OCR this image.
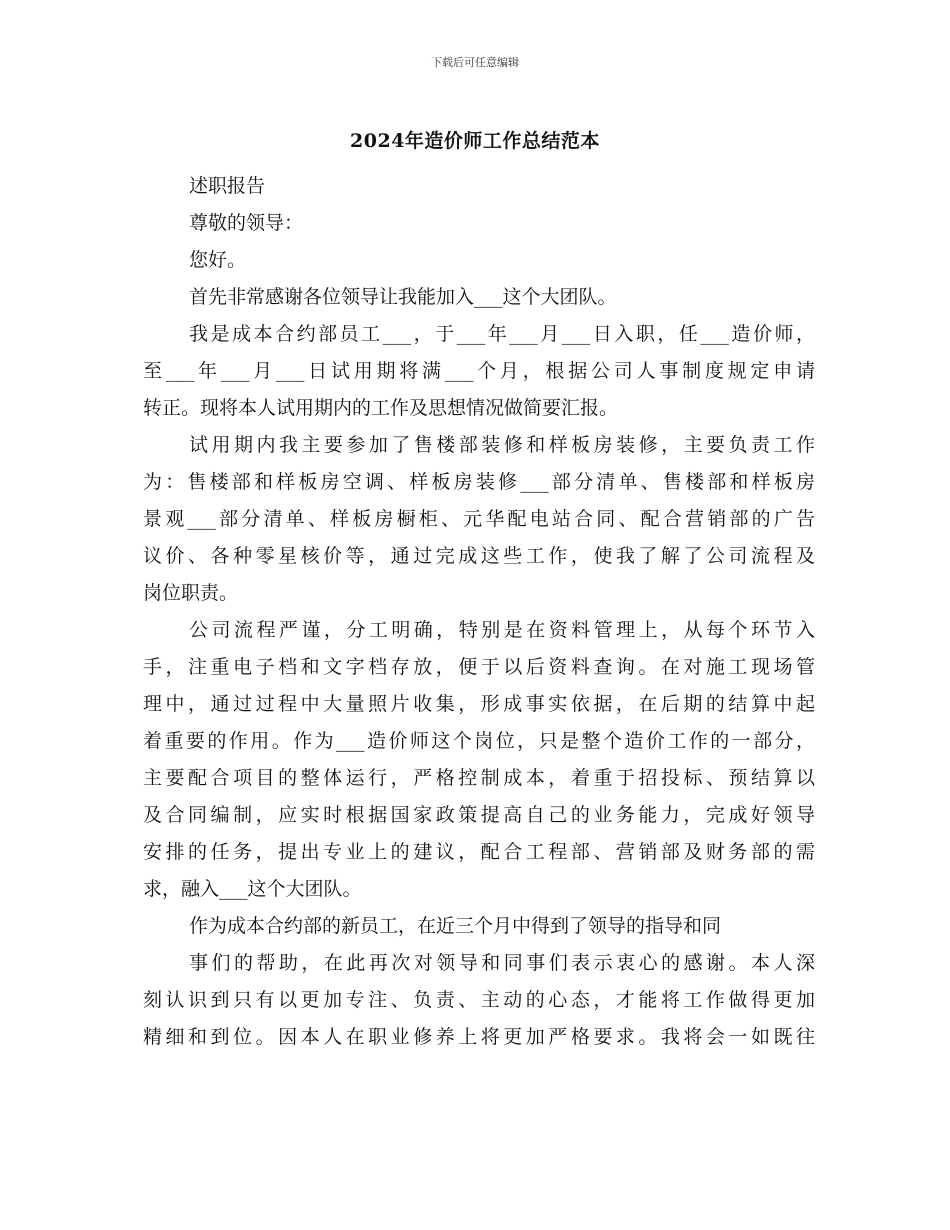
下载后可任意编辑
2024年造价师工作总结范本
述职报告
尊敬的领导：
您好。
首先非常感谢各位领导让我能加入___这个大团队。
我是成本合约部员工___，于___年___月___日入职，任___造价师，
至___年___月___日试用期将满___个月，根据公司人事制度规定申请
转正。现将本人试用期内的工作及思想情况做简要汇报。
试用期内我主要参加了售楼部装修和样板房装修，主要负责工作
为：售楼部和样板房空调、样板房装修___部分清单、售楼部和样板房
景观___部分清单、样板房橱柜、元华配电站合同、配合营销部的广告
议价、各种零星核价等，通过完成这些工作，使我了解了公司流程及
岗位职责。
公司流程严谨，分工明确，特别是在资料管理上，从每个环节入
手，注重电子档和文字档存放，便于以后资料查询。在对施工现场管
理中，通过过程中大量照片收集，形成事实依据，在后期的结算中起
着重要的作用。作为___造价师这个岗位，只是整个造价工作的一部分，
主要配合项目的整体运行，严格控制成本，着重于招投标、预结算以
及合同编制，应实时根据国家政策提高自己的业务能力，完成好领导
安排的任务，提出专业上的建议，配合工程部、营销部及财务部的需
求，融入___这个大团队。
作为成本合约部的新员工，在近三个月中得到了领导的指导和同
事们的帮助，在此再次对领导和同事们表示衷心的感谢。本人深
刻认识到只有以更加专注、负责、主动的心态，才能将工作做得更加
精细和到位。因本人在职业修养上将更加严格要求。我将会一如既往
